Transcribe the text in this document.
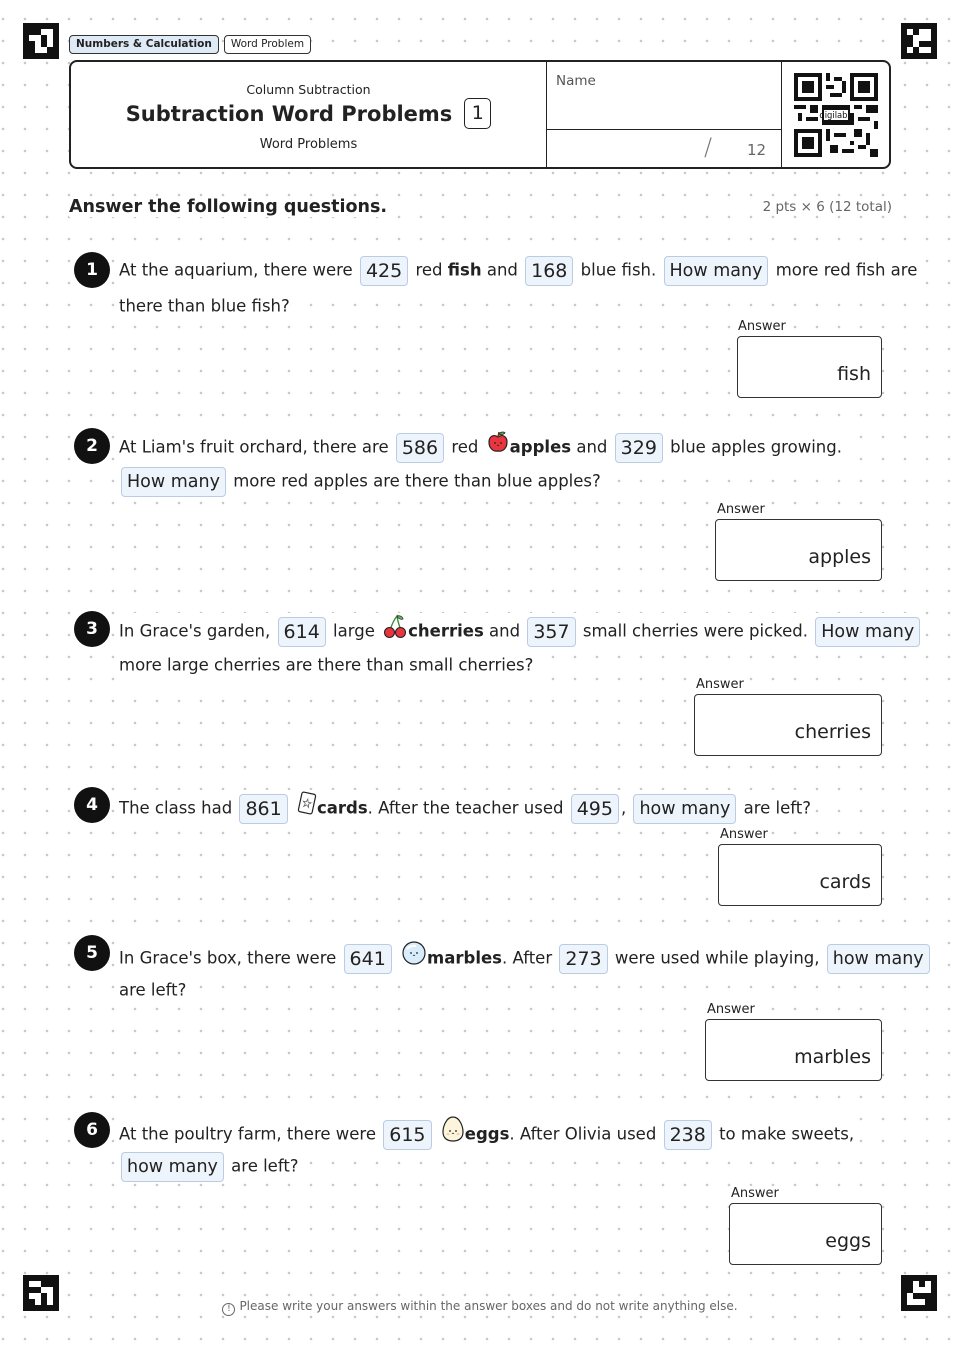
Numbers & Calculation	Word Problem
Column Subtraction
Subtraction Word Problems	1
Word Problems
Name
/ 12
digilabo
Answer the following questions.	2 pts × 6 (12 total)
1	At the aquarium, there were 425 red fish and 168 blue fish. How many more red fish are
there than blue fish?
Answer
fish
2	At Liam's fruit orchard, there are 586 red apples and 329 blue apples growing.
How many more red apples are there than blue apples?
Answer
apples
3	In Grace's garden, 614 large cherries and 357 small cherries were picked. How many
more large cherries are there than small cherries?
Answer
cherries
4	The class had 861 cards. After the teacher used 495 , how many are left?
Answer
cards
5	In Grace's box, there were 641	marbles. After 273 were used while playing, how many
are left?
Answer
marbles
6	At the poultry farm, there were 615 eggs. After Olivia used 238 to make sweets,
how many are left?
Answer
eggs
! Please write your answers within the answer boxes and do not write anything else.
